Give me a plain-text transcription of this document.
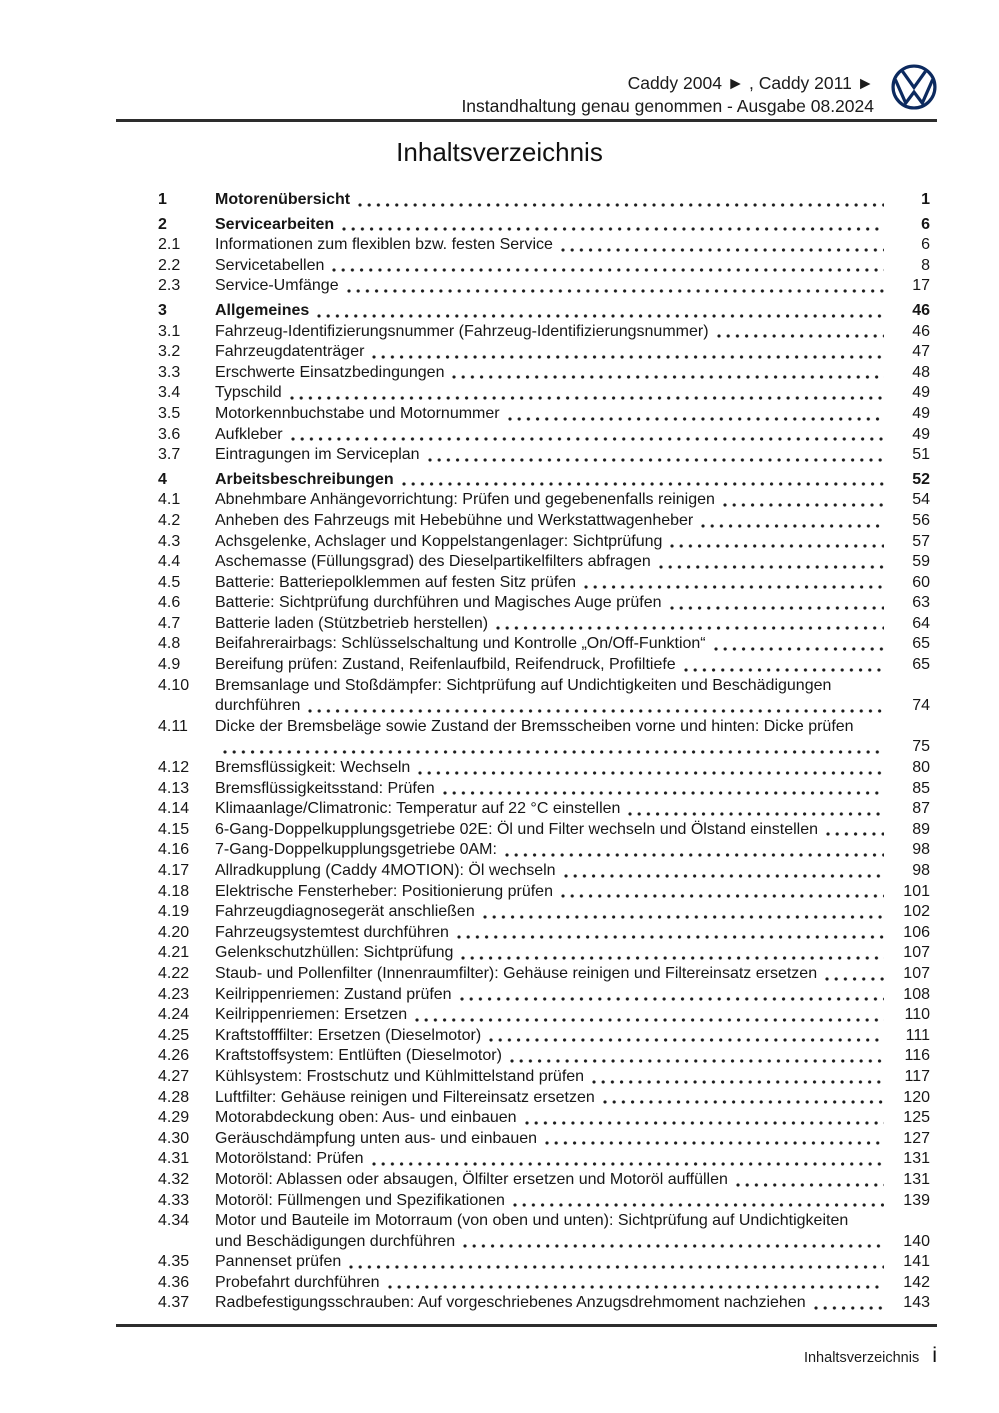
Caddy 2004 ► , Caddy 2011 ►
Instandhaltung genau genommen - Ausgabe 08.2024
Inhaltsverzeichnis
1	Motorenübersicht	1
2	Servicearbeiten	6
2.1	Informationen zum flexiblen bzw. festen Service	6
2.2	Servicetabellen	8
2.3	Service-Umfänge	17
3	Allgemeines	46
3.1	Fahrzeug-Identifizierungsnummer (Fahrzeug-Identifizierungsnummer)	46
3.2	Fahrzeugdatenträger	47
3.3	Erschwerte Einsatzbedingungen	48
3.4	Typschild	49
3.5	Motorkennbuchstabe und Motornummer	49
3.6	Aufkleber	49
3.7	Eintragungen im Serviceplan	51
4	Arbeitsbeschreibungen	52
4.1	Abnehmbare Anhängevorrichtung: Prüfen und gegebenenfalls reinigen	54
4.2	Anheben des Fahrzeugs mit Hebebühne und Werkstattwagenheber	56
4.3	Achsgelenke, Achslager und Koppelstangenlager: Sichtprüfung	57
4.4	Aschemasse (Füllungsgrad) des Dieselpartikelfilters abfragen	59
4.5	Batterie: Batteriepolklemmen auf festen Sitz prüfen	60
4.6	Batterie: Sichtprüfung durchführen und Magisches Auge prüfen	63
4.7	Batterie laden (Stützbetrieb herstellen)	64
4.8	Beifahrerairbags: Schlüsselschaltung und Kontrolle „On/Off-Funktion“	65
4.9	Bereifung prüfen: Zustand, Reifenlaufbild, Reifendruck, Profiltiefe	65
4.10	Bremsanlage und Stoßdämpfer: Sichtprüfung auf Undichtigkeiten und Beschädigungen
durchführen	74
4.11	Dicke der Bremsbeläge sowie Zustand der Bremsscheiben vorne und hinten: Dicke prüfen
75
4.12	Bremsflüssigkeit: Wechseln	80
4.13	Bremsflüssigkeitsstand: Prüfen	85
4.14	Klimaanlage/Climatronic: Temperatur auf 22 °C einstellen	87
4.15	6-Gang-Doppelkupplungsgetriebe 02E: Öl und Filter wechseln und Ölstand einstellen	89
4.16	7-Gang-Doppelkupplungsgetriebe 0AM:	98
4.17	Allradkupplung (Caddy 4MOTION): Öl wechseln	98
4.18	Elektrische Fensterheber: Positionierung prüfen	101
4.19	Fahrzeugdiagnosegerät anschließen	102
4.20	Fahrzeugsystemtest durchführen	106
4.21	Gelenkschutzhüllen: Sichtprüfung	107
4.22	Staub- und Pollenfilter (Innenraumfilter): Gehäuse reinigen und Filtereinsatz ersetzen	107
4.23	Keilrippenriemen: Zustand prüfen	108
4.24	Keilrippenriemen: Ersetzen	110
4.25	Kraftstofffilter: Ersetzen (Dieselmotor)	111
4.26	Kraftstoffsystem: Entlüften (Dieselmotor)	116
4.27	Kühlsystem: Frostschutz und Kühlmittelstand prüfen	117
4.28	Luftfilter: Gehäuse reinigen und Filtereinsatz ersetzen	120
4.29	Motorabdeckung oben: Aus- und einbauen	125
4.30	Geräuschdämpfung unten aus- und einbauen	127
4.31	Motorölstand: Prüfen	131
4.32	Motoröl: Ablassen oder absaugen, Ölfilter ersetzen und Motoröl auffüllen	131
4.33	Motoröl: Füllmengen und Spezifikationen	139
4.34	Motor und Bauteile im Motorraum (von oben und unten): Sichtprüfung auf Undichtigkeiten
und Beschädigungen durchführen	140
4.35	Pannenset prüfen	141
4.36	Probefahrt durchführen	142
4.37	Radbefestigungsschrauben: Auf vorgeschriebenes Anzugsdrehmoment nachziehen	143
Inhaltsverzeichnis i
